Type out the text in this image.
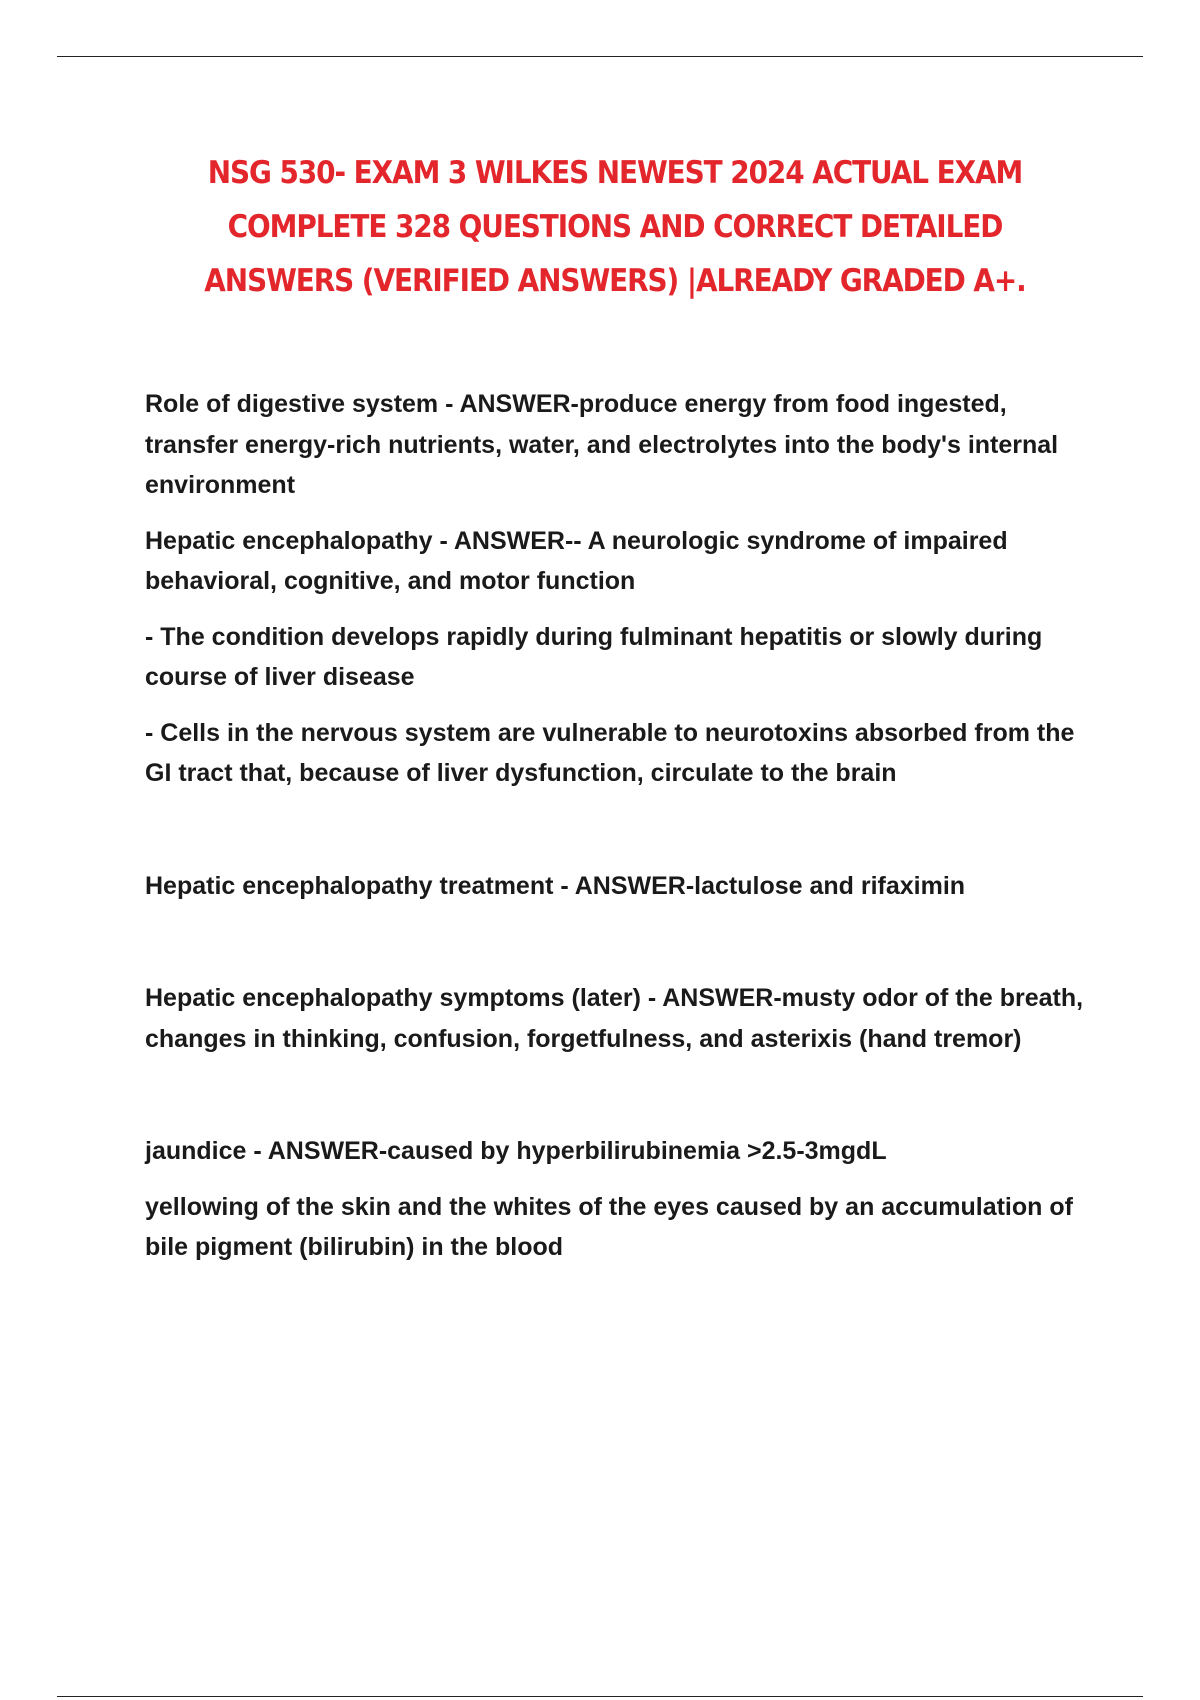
NSG 530- EXAM 3 WILKES NEWEST 2024 ACTUAL EXAM COMPLETE 328 QUESTIONS AND CORRECT DETAILED ANSWERS (VERIFIED ANSWERS) |ALREADY GRADED A+.

Role of digestive system - ANSWER-produce energy from food ingested, transfer energy-rich nutrients, water, and electrolytes into the body's internal environment

Hepatic encephalopathy - ANSWER-- A neurologic syndrome of impaired behavioral, cognitive, and motor function

- The condition develops rapidly during fulminant hepatitis or slowly during course of liver disease

- Cells in the nervous system are vulnerable to neurotoxins absorbed from the GI tract that, because of liver dysfunction, circulate to the brain

Hepatic encephalopathy treatment - ANSWER-lactulose and rifaximin

Hepatic encephalopathy symptoms (later) - ANSWER-musty odor of the breath, changes in thinking, confusion, forgetfulness, and asterixis (hand tremor)

jaundice - ANSWER-caused by hyperbilirubinemia >2.5-3mgdL

yellowing of the skin and the whites of the eyes caused by an accumulation of bile pigment (bilirubin) in the blood
